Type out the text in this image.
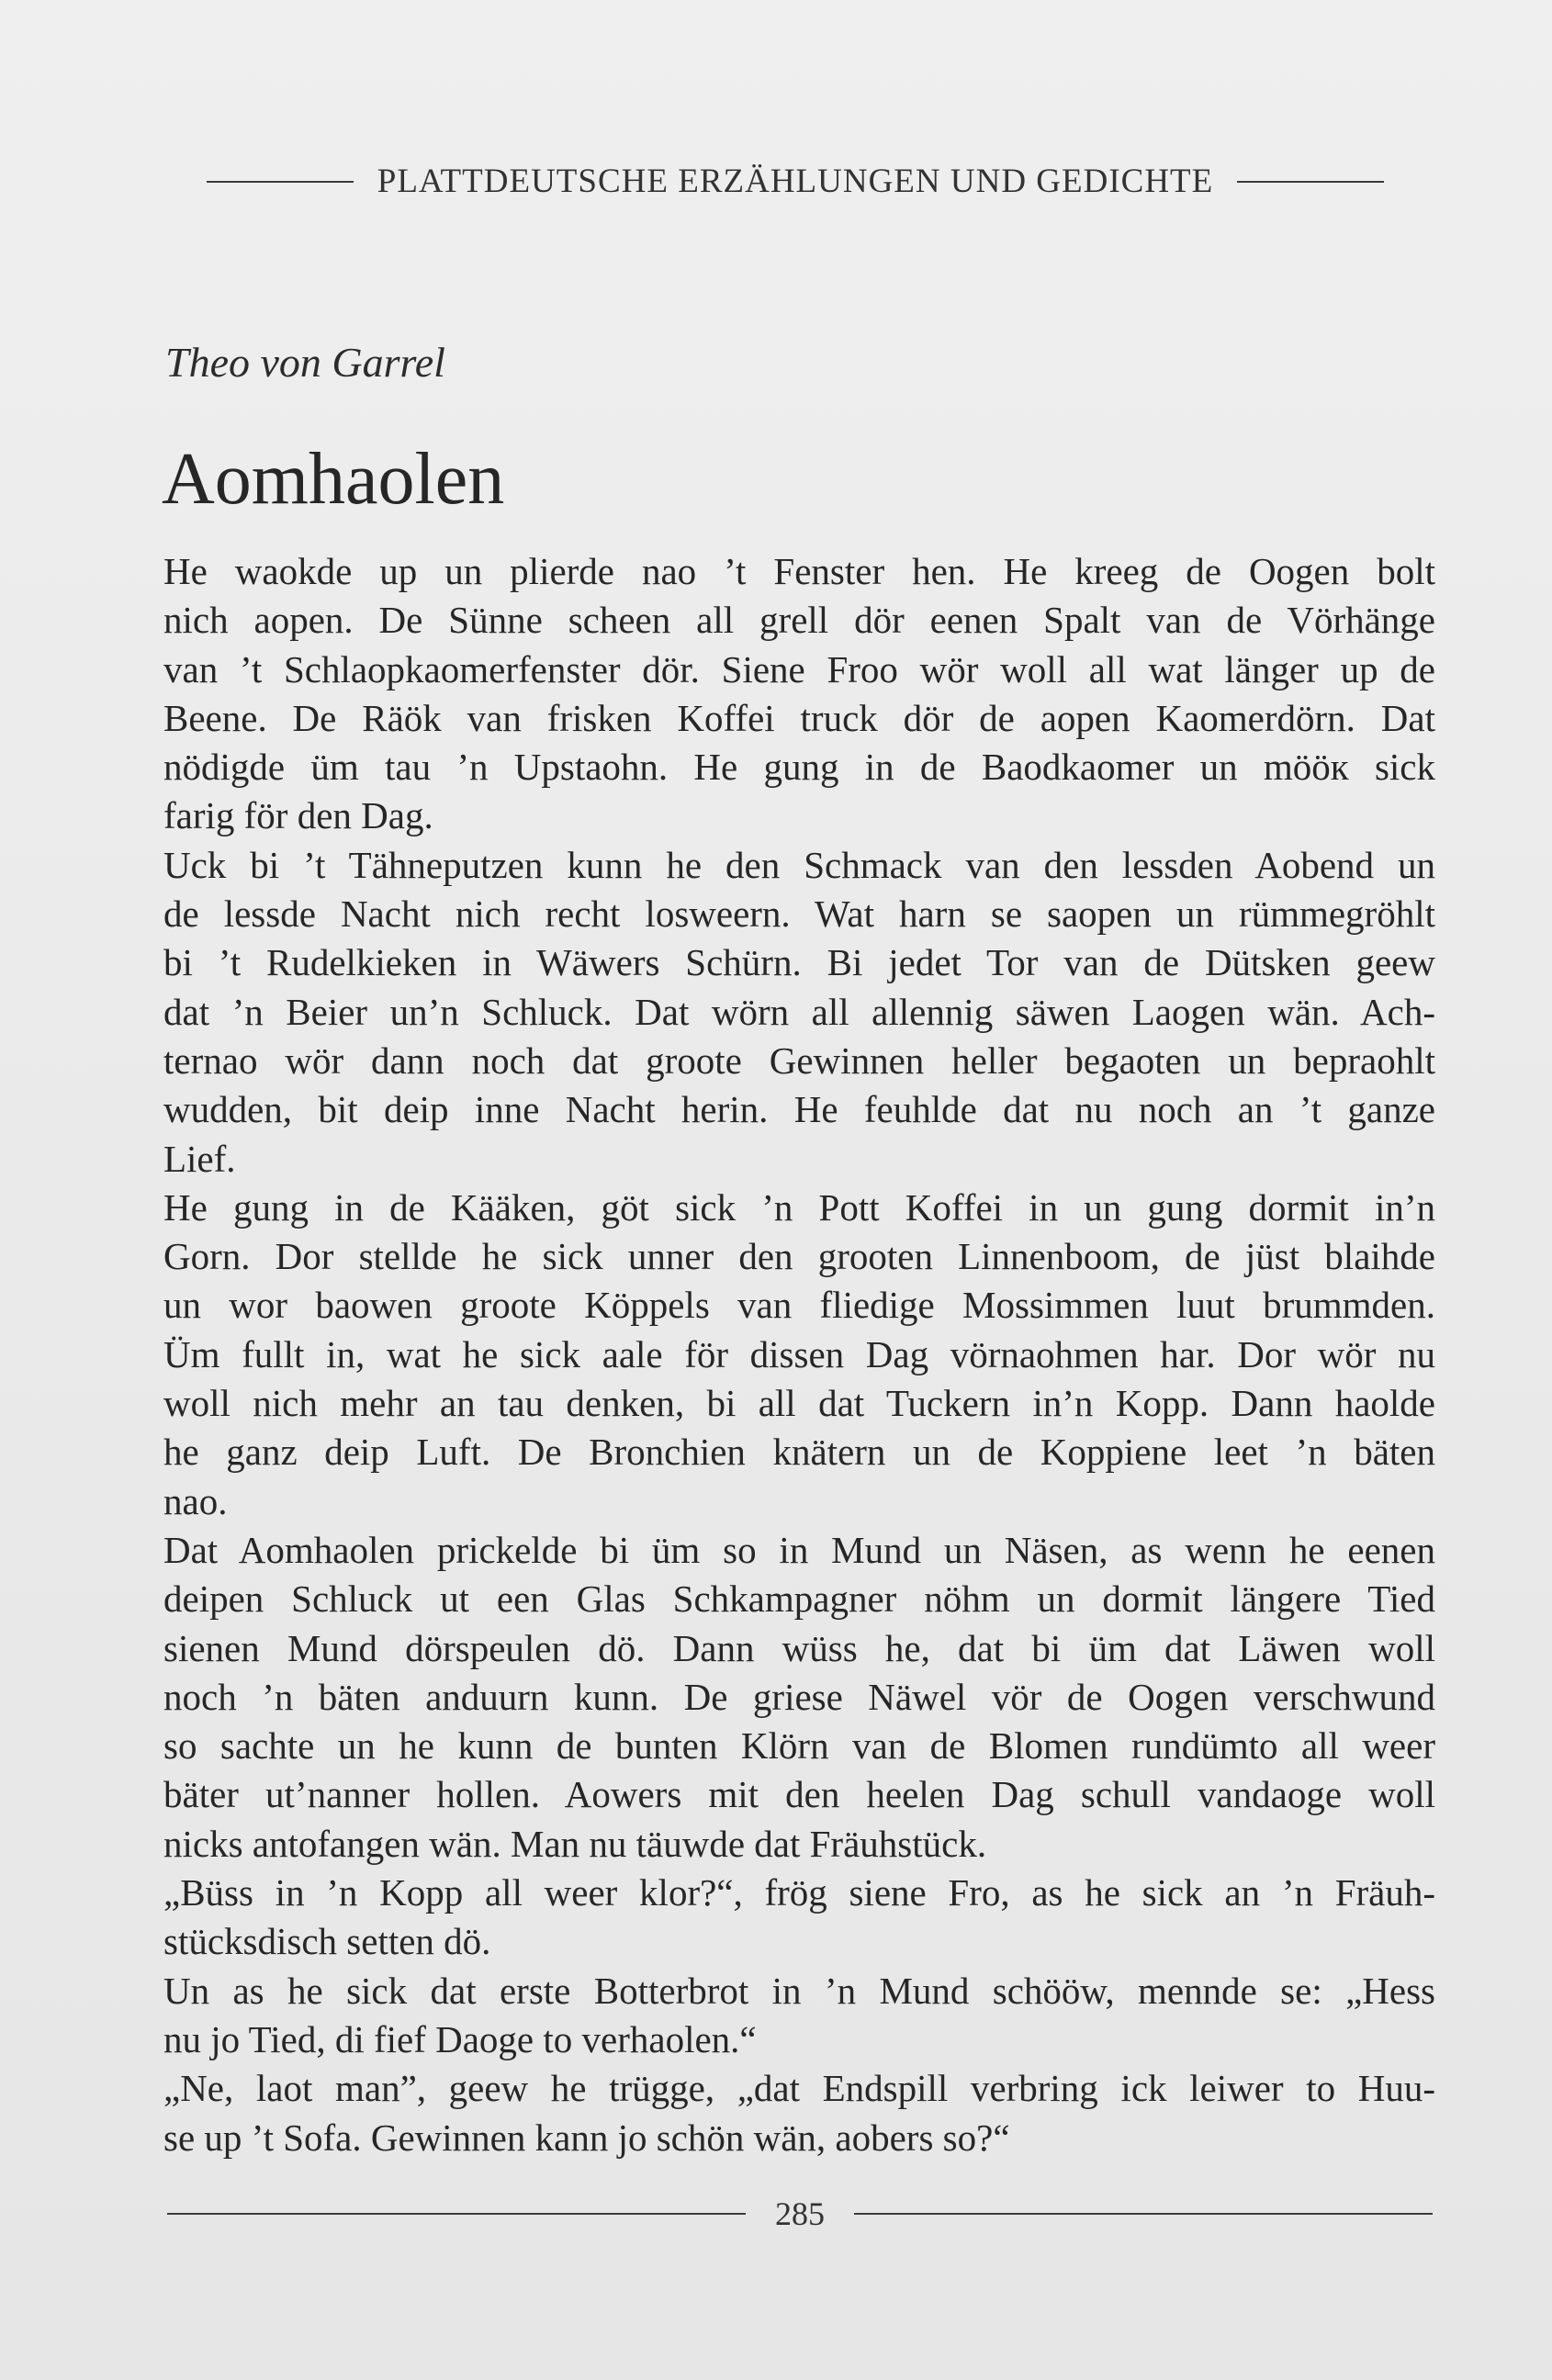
PLATTDEUTSCHE ERZÄHLUNGEN UND GEDICHTE
Theo von Garrel
Aomhaolen
He waokde up un plierde nao ’t Fenster hen. He kreeg de Oogen bolt
nich aopen. De Sünne scheen all grell dör eenen Spalt van de Vörhänge
van ’t Schlaopkaomerfenster dör. Siene Froo wör woll all wat länger up de
Beene. De Räök van frisken Koffei truck dör de aopen Kaomerdörn. Dat
nödigde üm tau ’n Upstaohn. He gung in de Baodkaomer un mööк sick
farig för den Dag.
Uck bi ’t Tähneputzen kunn he den Schmack van den lessden Aobend un
de lessde Nacht nich recht losweern. Wat harn se saopen un rümmegröhlt
bi ’t Rudelkieken in Wäwers Schürn. Bi jedet Tor van de Dütsken geew
dat ’n Beier un’n Schluck. Dat wörn all allennig säwen Laogen wän. Ach-
ternao wör dann noch dat groote Gewinnen heller begaoten un bepraohlt
wudden, bit deip inne Nacht herin. He feuhlde dat nu noch an ’t ganze
Lief.
He gung in de Kääken, göt sick ’n Pott Koffei in un gung dormit in’n
Gorn. Dor stellde he sick unner den grooten Linnenboom, de jüst blaihde
un wor baowen groote Köppels van fliedige Mossimmen luut brummden.
Üm fullt in, wat he sick aale för dissen Dag vörnaohmen har. Dor wör nu
woll nich mehr an tau denken, bi all dat Tuckern in’n Kopp. Dann haolde
he ganz deip Luft. De Bronchien knätern un de Koppiene leet ’n bäten
nao.
Dat Aomhaolen prickelde bi üm so in Mund un Näsen, as wenn he eenen
deipen Schluck ut een Glas Schkampagner nöhm un dormit längere Tied
sienen Mund dörspeulen dö. Dann wüss he, dat bi üm dat Läwen woll
noch ’n bäten anduurn kunn. De griese Näwel vör de Oogen verschwund
so sachte un he kunn de bunten Klörn van de Blomen rundümto all weer
bäter ut’nanner hollen. Aowers mit den heelen Dag schull vandaoge woll
nicks antofangen wän. Man nu täuwde dat Fräuhstück.
„Büss in ’n Kopp all weer klor?“, frög siene Fro, as he sick an ’n Fräuh-
stücksdisch setten dö.
Un as he sick dat erste Botterbrot in ’n Mund schööw, mennde se: „Hess
nu jo Tied, di fief Daoge to verhaolen.“
„Ne, laot man”, geew he trügge, „dat Endspill verbring ick leiwer to Huu-
se up ’t Sofa. Gewinnen kann jo schön wän, aobers so?“
285
